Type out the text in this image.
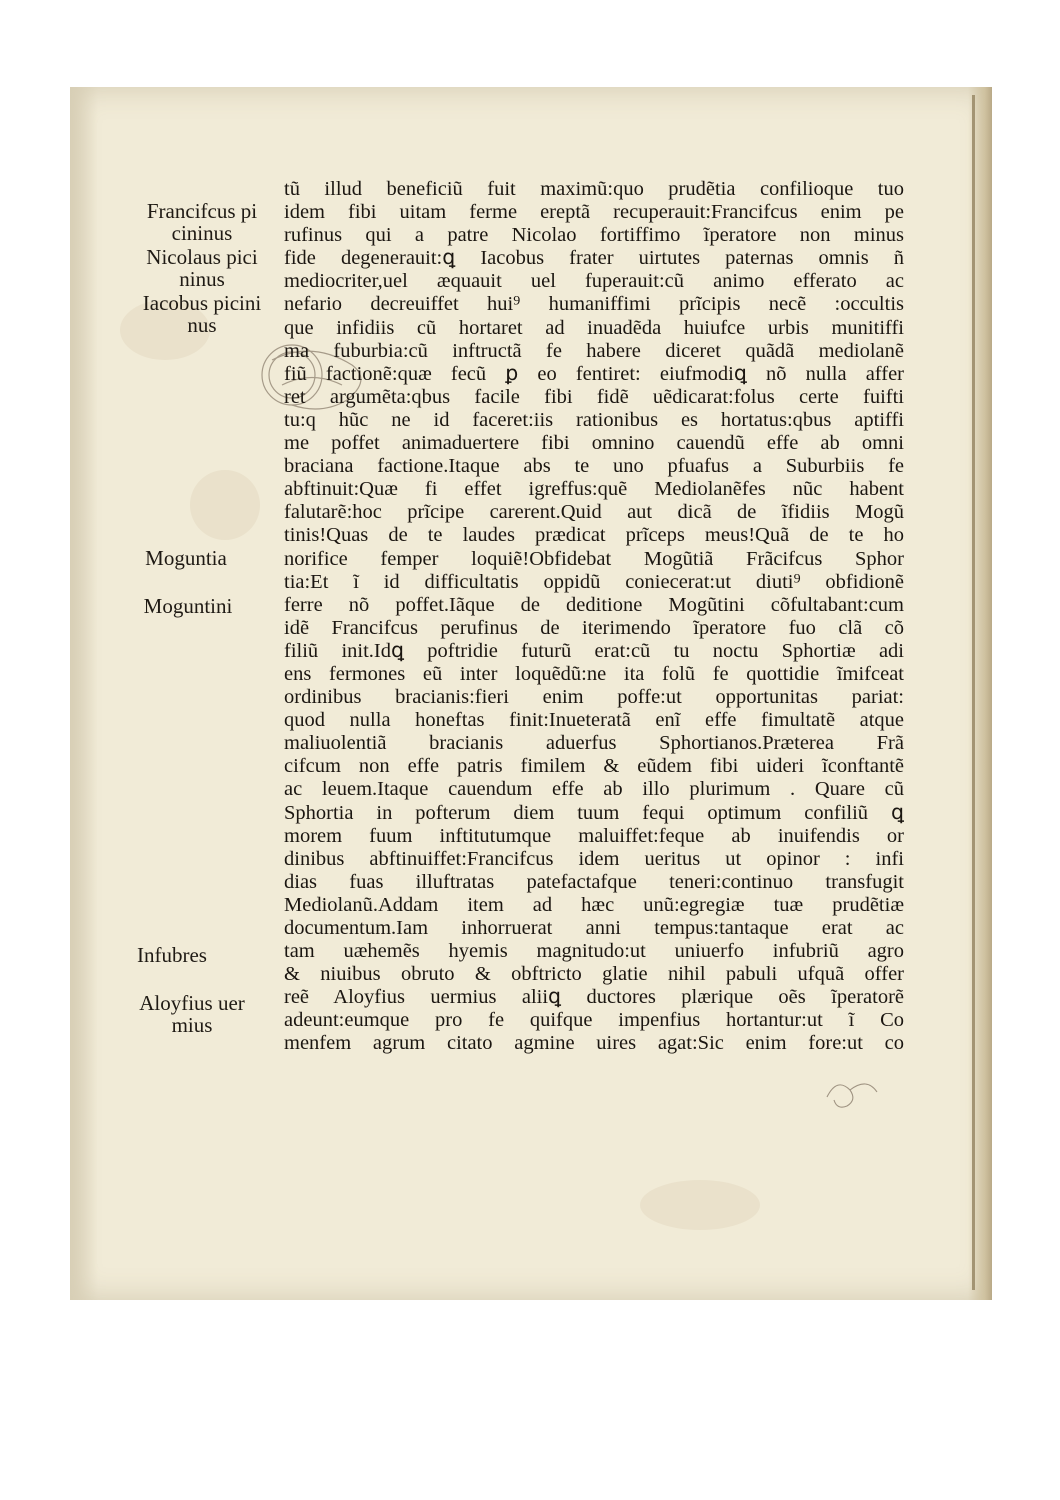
Francifcus pi
cininus
Nicolaus pici
ninus
Iacobus picini
nus
Moguntia
Moguntini
Infubres
Aloyfius uer
mius
tũ illud beneficiũ fuit maximũ:quo prudẽtia confilioque tuo
idem fibi uitam ferme ereptã recuperauit:Francifcus enim pe
rufinus qui a patre Nicolao fortiffimo ĩperatore non minus
fide degenerauit:ꝗ Iacobus frater uirtutes paternas omnis ñ
mediocriter,uel æquauit uel fuperauit:cũ animo efferato ac
nefario decreuiffet hui⁹ humaniffimi prĩcipis necẽ :occultis
que infidiis cũ hortaret ad inuadẽda huiufce urbis munitiffi
ma fuburbia:cũ inftructã fe habere diceret quãdã mediolanẽ
fiũ factionẽ:quæ fecũ ꝑ eo fentiret: eiufmodiꝗ nõ nulla affer
ret argumẽta:qbus facile fibi fidẽ uẽdicarat:folus certe fuifti
tu:q hũc ne id faceret:iis rationibus es hortatus:qbus aptiffi
me poffet animaduertere fibi omnino cauendũ effe ab omni
braciana factione.Itaque abs te uno pfuafus a Suburbiis fe
abftinuit:Quæ fi effet igreffus:quẽ Mediolanẽfes nũc habent
falutarẽ:hoc prĩcipe carerent.Quid aut dicã de ĩfidiis Mogũ
tinis!Quas de te laudes prædicat prĩceps meus!Quã de te ho
norifice femper loquiẽ!Obfidebat Mogũtiã Frãcifcus Sphor
tia:Et ĩ id difficultatis oppidũ coniecerat:ut diuti⁹ obfidionẽ
ferre nõ poffet.Iãque de deditione Mogũtini cõfultabant:cum
idẽ Francifcus perufinus de iterimendo ĩperatore fuo clã cõ
filiũ init.Idꝗ poftridie futurũ erat:cũ tu noctu Sphortiæ adi
ens fermones eũ inter loquẽdũ:ne ita folũ fe quottidie ĩmifceat
ordinibus bracianis:fieri enim poffe:ut opportunitas pariat:
quod nulla honeftas finit:Inueteratã enĩ effe fimultatẽ atque
maliuolentiã bracianis aduerfus Sphortianos.Præterea Frã
cifcum non effe patris fimilem & eũdem fibi uideri ĩconftantẽ
ac leuem.Itaque cauendum effe ab illo plurimum . Quare cũ
Sphortia in pofterum diem tuum fequi optimum confiliũ ꝗ
morem fuum inftitutumque maluiffet:feque ab inuifendis or
dinibus abftinuiffet:Francifcus idem ueritus ut opinor : infi
dias fuas illuftratas patefactafque teneri:continuo transfugit
Mediolanũ.Addam item ad hæc unũ:egregiæ tuæ prudẽtiæ
documentum.Iam inhorruerat anni tempus:tantaque erat ac
tam uæhemẽs hyemis magnitudo:ut uniuerfo infubriũ agro
& niuibus obruto & obftricto glatie nihil pabuli ufquã offer
reẽ Aloyfius uermius aliiꝗ ductores plærique oẽs ĩperatorẽ
adeunt:eumque pro fe quifque impenfius hortantur:ut ĩ Co
menfem agrum citato agmine uires agat:Sic enim fore:ut co
